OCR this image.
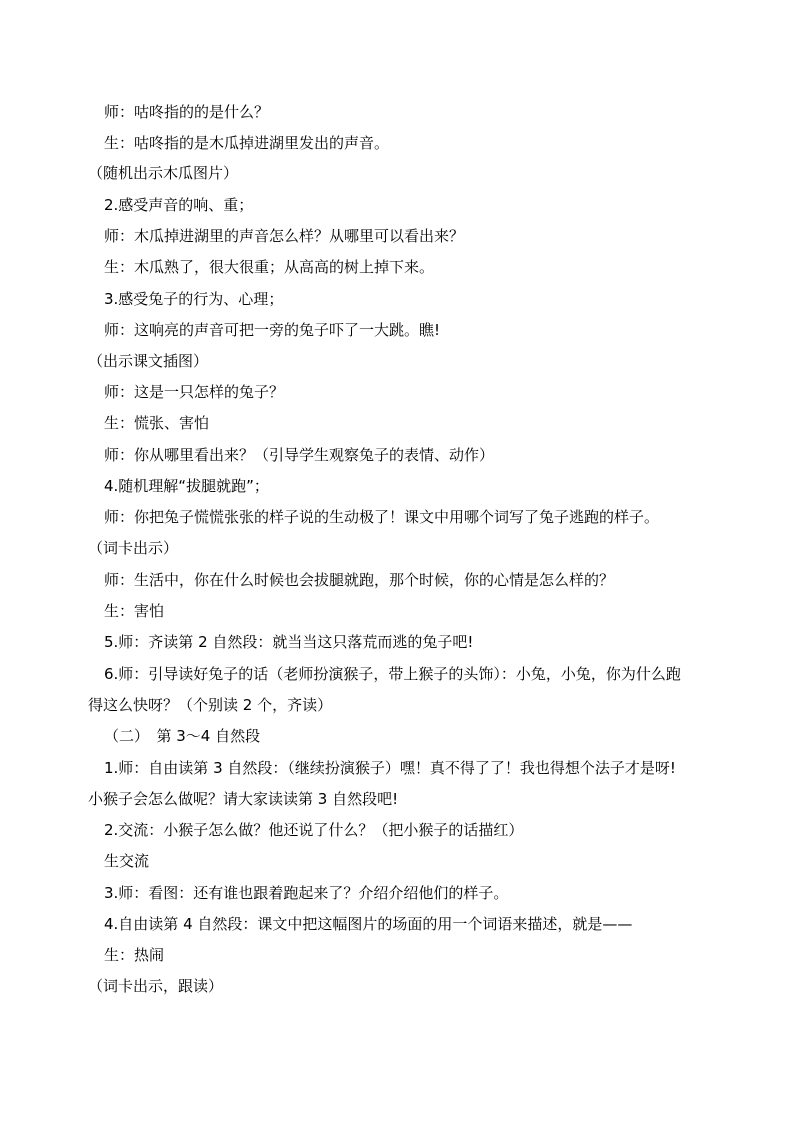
师：咕咚指的的是什么？
生：咕咚指的是木瓜掉进湖里发出的声音。
（随机出示木瓜图片）
2.感受声音的响、重；
师：木瓜掉进湖里的声音怎么样？从哪里可以看出来？
生：木瓜熟了，很大很重；从高高的树上掉下来。
3.感受兔子的行为、心理；
师：这响亮的声音可把一旁的兔子吓了一大跳。瞧!
（出示课文插图）
师：这是一只怎样的兔子？
生：慌张、害怕
师：你从哪里看出来？（引导学生观察兔子的表情、动作）
4.随机理解“拔腿就跑”；
师：你把兔子慌慌张张的样子说的生动极了！课文中用哪个词写了兔子逃跑的样子。
（词卡出示）
师：生活中，你在什么时候也会拔腿就跑，那个时候，你的心情是怎么样的？
生：害怕
5.师：齐读第 2 自然段：就当当这只落荒而逃的兔子吧!
6.师：引导读好兔子的话（老师扮演猴子，带上猴子的头饰）：小兔，小兔，你为什么跑
得这么快呀？（个别读 2 个，齐读）
（二）　第 3～4 自然段
1.师：自由读第 3 自然段：（继续扮演猴子）嘿！真不得了了！我也得想个法子才是呀!
小猴子会怎么做呢？请大家读读第 3 自然段吧!
2.交流：小猴子怎么做？他还说了什么？（把小猴子的话描红）
生交流
3.师：看图：还有谁也跟着跑起来了？介绍介绍他们的样子。
4.自由读第 4 自然段：课文中把这幅图片的场面的用一个词语来描述，就是——
生：热闹
（词卡出示，跟读）
